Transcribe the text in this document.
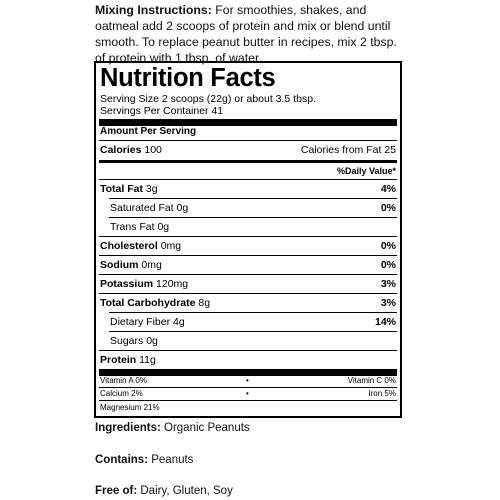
Mixing Instructions: For smoothies, shakes, and
oatmeal add 2 scoops of protein and mix or blend until
smooth. To replace peanut butter in recipes, mix 2 tbsp.
of protein with 1 tbsp. of water.
Nutrition Facts
Serving Size 2 scoops (22g) or about 3.5 tbsp.
Servings Per Container 41
Amount Per Serving
Calories 100	Calories from Fat 25
%Daily Value*
Total Fat 3g	4%
Saturated Fat 0g	0%
Trans Fat 0g
Cholesterol 0mg	0%
Sodium 0mg	0%
Potassium 120mg	3%
Total Carbohydrate 8g	3%
Dietary Fiber 4g	14%
Sugars 0g
Protein 11g
Vitamin A 0%	•	Vitamin C 0%
Calcium 2%	•	Iron 5%
Magnesium 21%
Ingredients: Organic Peanuts
Contains: Peanuts
Free of: Dairy, Gluten, Soy
